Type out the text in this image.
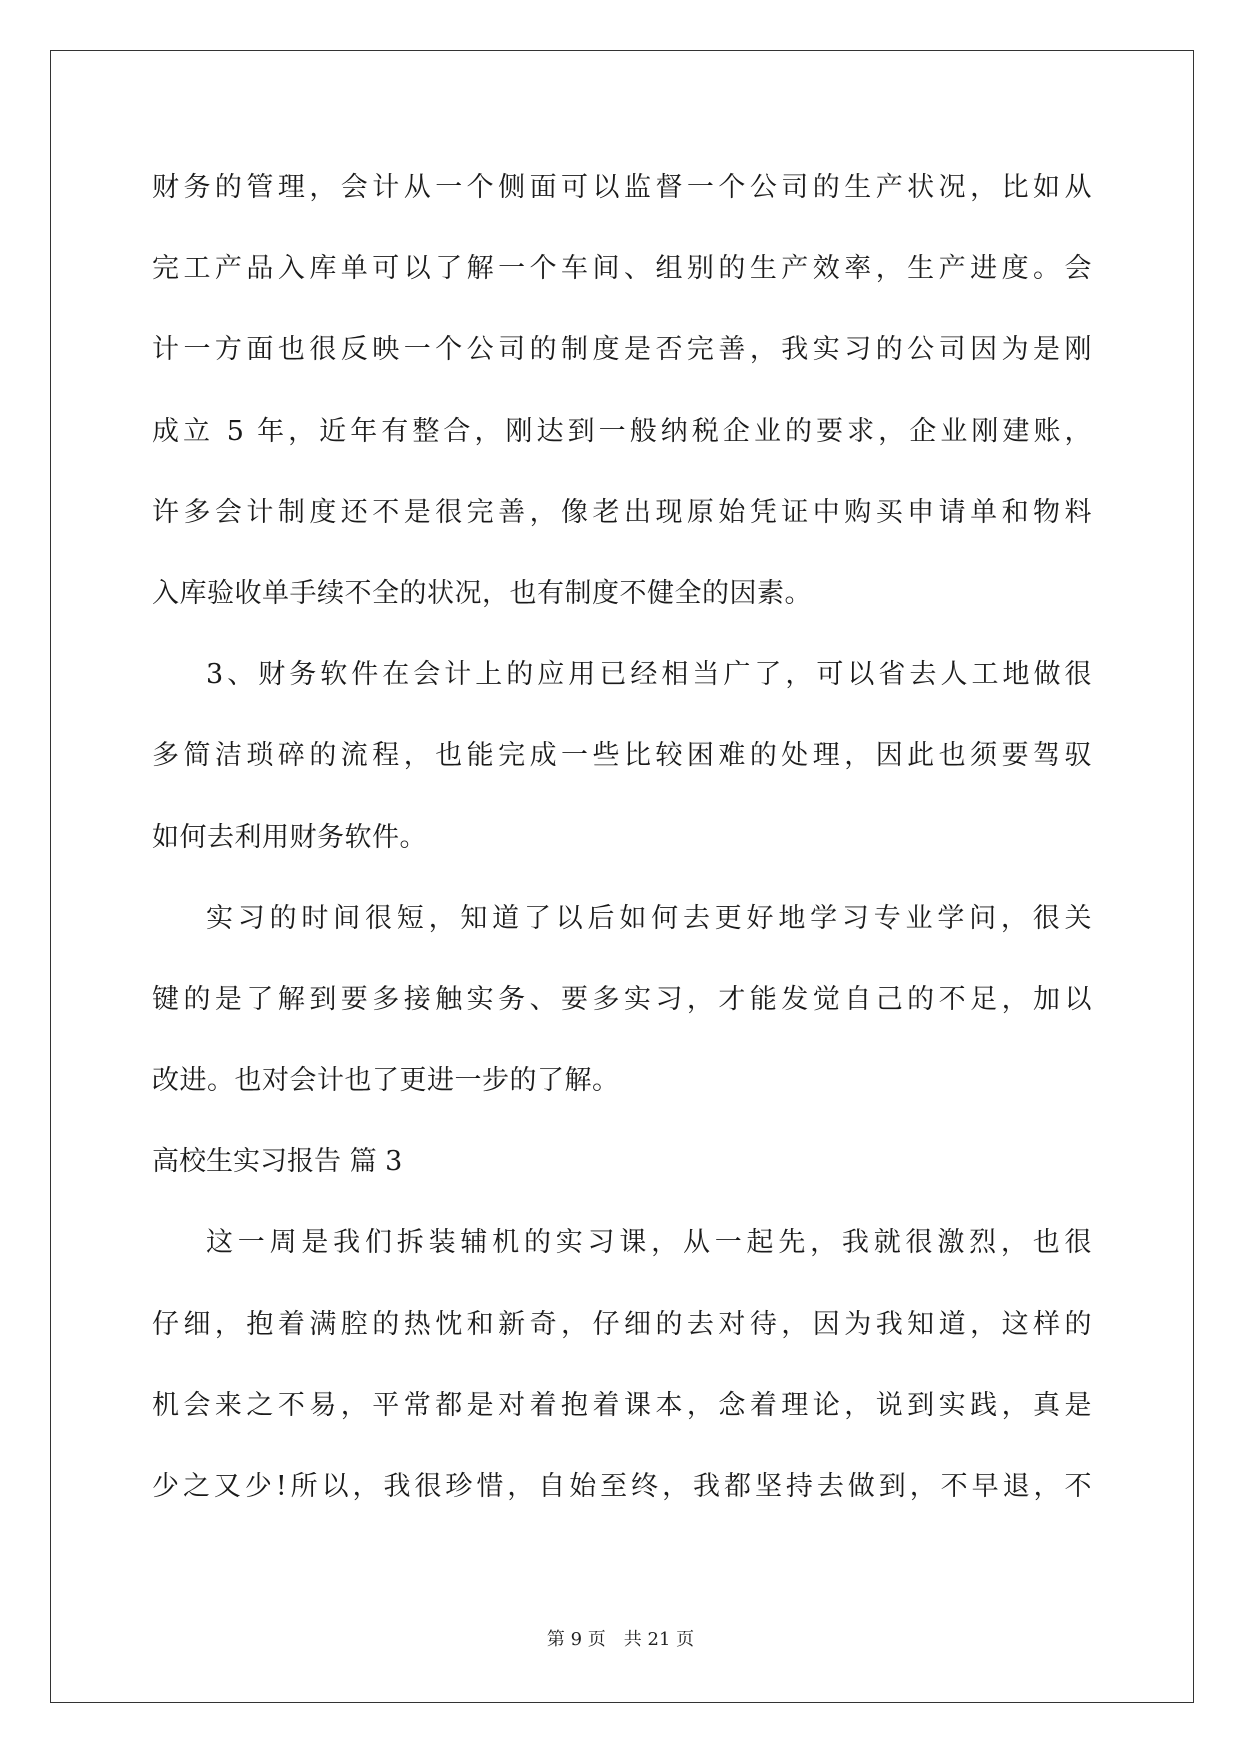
财务的管理，会计从一个侧面可以监督一个公司的生产状况，比如从
完工产品入库单可以了解一个车间、组别的生产效率，生产进度。会
计一方面也很反映一个公司的制度是否完善，我实习的公司因为是刚
成立 5 年，近年有整合，刚达到一般纳税企业的要求，企业刚建账，
许多会计制度还不是很完善，像老出现原始凭证中购买申请单和物料
入库验收单手续不全的状况，也有制度不健全的因素。
3、财务软件在会计上的应用已经相当广了，可以省去人工地做很
多简洁琐碎的流程，也能完成一些比较困难的处理，因此也须要驾驭
如何去利用财务软件。
实习的时间很短，知道了以后如何去更好地学习专业学问，很关
键的是了解到要多接触实务、要多实习，才能发觉自己的不足，加以
改进。也对会计也了更进一步的了解。
高校生实习报告 篇 3
这一周是我们拆装辅机的实习课，从一起先，我就很激烈，也很
仔细，抱着满腔的热忱和新奇，仔细的去对待，因为我知道，这样的
机会来之不易，平常都是对着抱着课本，念着理论，说到实践，真是
少之又少!所以，我很珍惜，自始至终，我都坚持去做到，不早退，不
第 9 页　共 21 页
